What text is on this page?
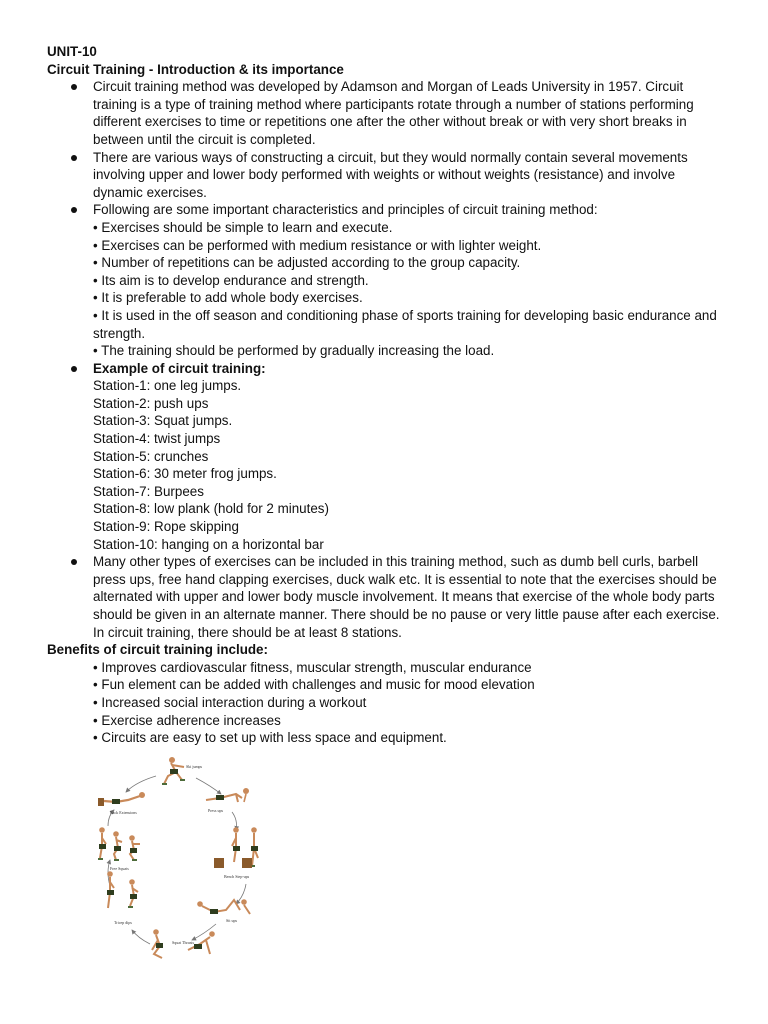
UNIT-10
Circuit Training - Introduction & its importance
Circuit training method was developed by Adamson and Morgan of Leads University in 1957. Circuit training is a type of training method where participants rotate through a number of stations performing different exercises to time or repetitions one after the other without break or with very short breaks in between until the circuit is completed.
There are various ways of constructing a circuit, but they would normally contain several movements involving upper and lower body performed with weights or without weights (resistance) and involve dynamic exercises.
Following are some important characteristics and principles of circuit training method:
• Exercises should be simple to learn and execute.
• Exercises can be performed with medium resistance or with lighter weight.
• Number of repetitions can be adjusted according to the group capacity.
• Its aim is to develop endurance and strength.
• It is preferable to add whole body exercises.
• It is used in the off season and conditioning phase of sports training for developing basic endurance and strength.
• The training should be performed by gradually increasing the load.
Example of circuit training:
Station-1: one leg jumps.
Station-2: push ups
Station-3: Squat jumps.
Station-4: twist jumps
Station-5: crunches
Station-6: 30 meter frog jumps.
Station-7: Burpees
Station-8: low plank (hold for 2 minutes)
Station-9: Rope skipping
Station-10: hanging on a horizontal bar
Many other types of exercises can be included in this training method, such as dumb bell curls, barbell press ups, free hand clapping exercises, duck walk etc. It is essential to note that the exercises should be alternated with upper and lower body muscle involvement. It means that exercise of the whole body parts should be given in an alternate manner. There should be no pause or very little pause after each exercise. In circuit training, there should be at least 8 stations.
Benefits of circuit training include:
• Improves cardiovascular fitness, muscular strength, muscular endurance
• Fun element can be added with challenges and music for mood elevation
• Increased social interaction during a workout
• Exercise adherence increases
• Circuits are easy to set up with less space and equipment.
Ski jumps
Back Extensions	Press ups
Free Squats
Bench Step-ups
Tricep dips	Sit ups
Squat Thrusts
